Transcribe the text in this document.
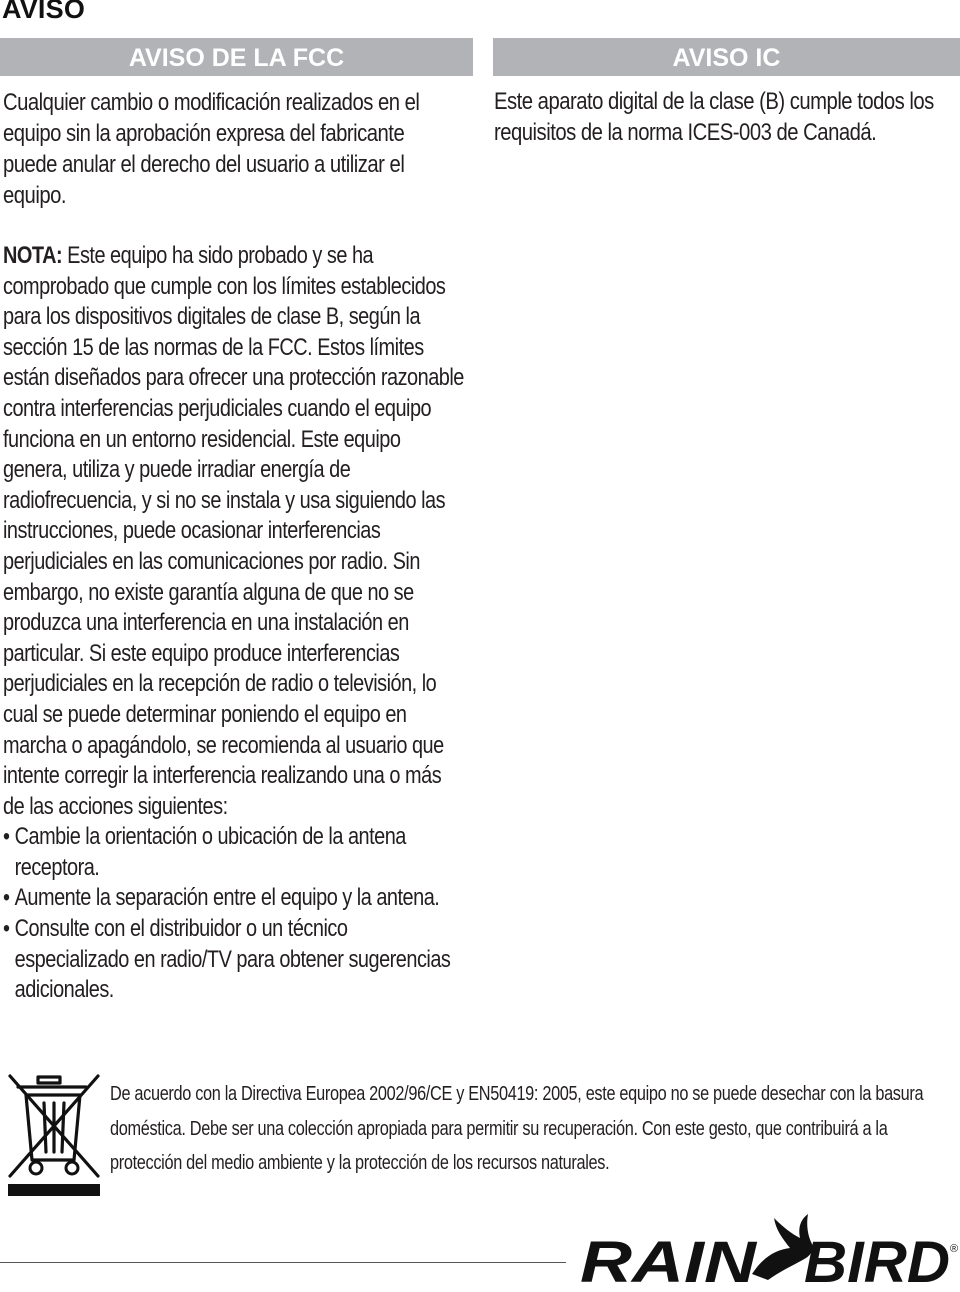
AVISO
AVISO DE LA FCC

Cualquier cambio o modificación realizados en el equipo sin la aprobación expresa del fabricante puede anular el derecho del usuario a utilizar el equipo.

AVISO IC

Este aparato digital de la clase (B) cumple todos los requisitos de la norma ICES-003 de Canadá.

NOTA: Este equipo ha sido probado y se ha comprobado que cumple con los límites establecidos para los dispositivos digitales de clase B, según la sección 15 de las normas de la FCC. Estos límites están diseñados para ofrecer una protección razonable contra interferencias perjudiciales cuando el equipo funciona en un entorno residencial. Este equipo genera, utiliza y puede irradiar energía de radiofrecuencia, y si no se instala y usa siguiendo las instrucciones, puede ocasionar interferencias perjudiciales en las comunicaciones por radio. Sin embargo, no existe garantía alguna de que no se produzca una interferencia en una instalación en particular. Si este equipo produce interferencias perjudiciales en la recepción de radio o televisión, lo cual se puede determinar poniendo el equipo en marcha o apagándolo, se recomienda al usuario que intente corregir la interferencia realizando una o más de las acciones siguientes:

• Cambie la orientación o ubicación de la antena receptora.
• Aumente la separación entre el equipo y la antena.
• Consulte con el distribuidor o un técnico especializado en radio/TV para obtener sugerencias adicionales.

De acuerdo con la Directiva Europea 2002/96/CE y EN50419: 2005, este equipo no se puede desechar con la basura doméstica. Debe ser una colección apropiada para permitir su recuperación. Con este gesto, que contribuirá a la protección del medio ambiente y la protección de los recursos naturales.

RAIN BIRD ®
